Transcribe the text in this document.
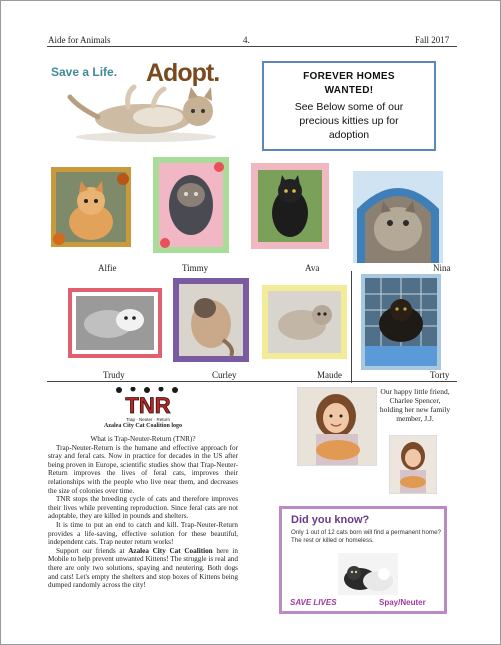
Aide for Animals	4.	Fall 2017
Save a Life. Adopt.	FOREVER HOMES
WANTED!
See Below some of our
precious kitties up for
adoption
Alfie	Timmy	Ava	Nina
Trudy	Curley	Maude	Torty
TNR
Trap · Neuter · Return
Azalea City Cat Coalition logo

What is Trap-Neuter-Return (TNR)?

Trap-Neuter-Return is the humane and effective approach for stray and feral cats. Now in practice for decades in the US after being proven in Europe, scientific studies show that Trap-Neuter-Return improves the lives of feral cats, improves their relationships with the people who live near them, and decreases the size of colonies over time.

TNR stops the breeding cycle of cats and therefore improves their lives while preventing reproduction. Since feral cats are not adoptable, they are killed in pounds and shelters.

It is time to put an end to catch and kill. Trap-Neuter-Return provides a life-saving, effective solution for these beautiful, independent cats. Trap neuter return works!

Support our friends at Azalea City Cat Coalition here in Mobile to help prevent unwanted Kittens! The struggle is real and there are only two solutions, spaying and neutering. Both dogs and cats! Let's empty the shelters and stop boxes of Kittens being dumped randomly across the city!

Our happy little friend, Charlee Spencer, holding her new family member, J.J.
Did you know?
Only 1 out of 12 cats born will find a permanent home? The rest or killed or homeless.
SAVE LIVES	Spay/Neuter
